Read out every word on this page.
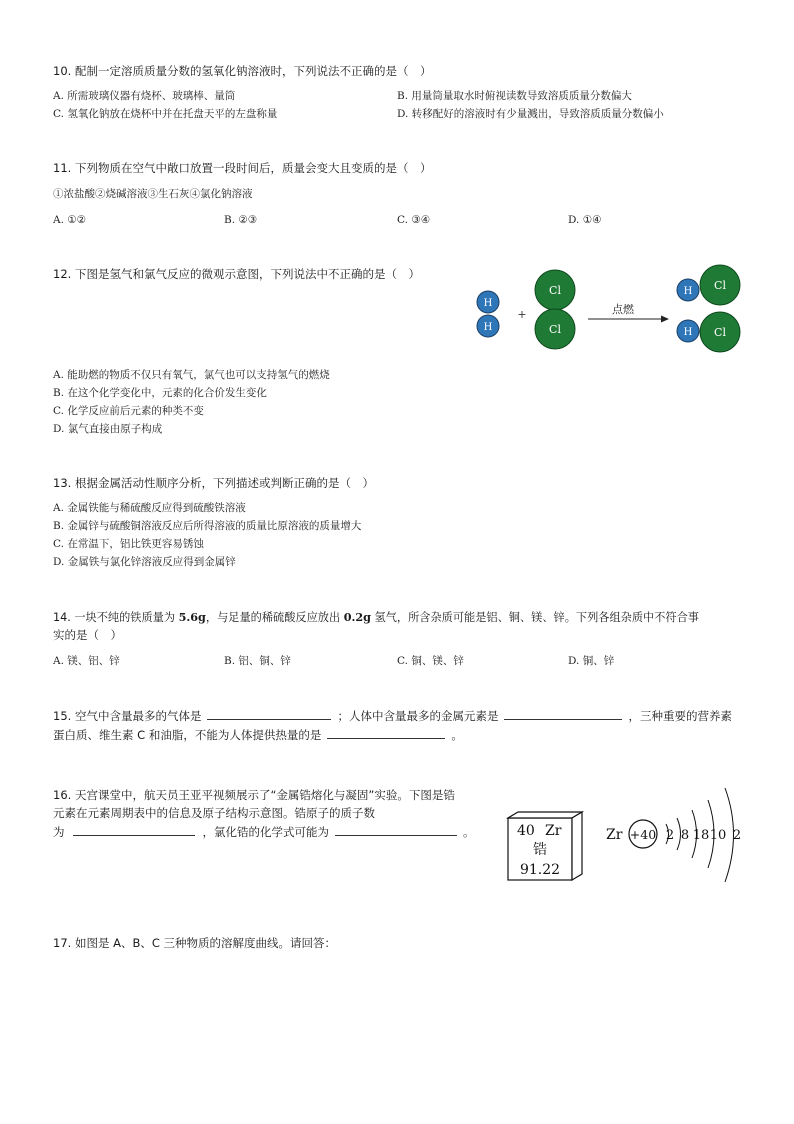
10. 配制一定溶质质量分数的氢氧化钠溶液时，下列说法不正确的是（　）
A. 所需玻璃仪器有烧杯、玻璃棒、量筒	B. 用量筒量取水时俯视读数导致溶质质量分数偏大
C. 氢氧化钠放在烧杯中并在托盘天平的左盘称量	D. 转移配好的溶液时有少量溅出，导致溶质质量分数偏小
11. 下列物质在空气中敞口放置一段时间后，质量会变大且变质的是（　）
①浓盐酸②烧碱溶液③生石灰④氯化钠溶液
A. ①②	B. ②③	C. ③④	D. ①④
12. 下图是氢气和氯气反应的微观示意图，下列说法中不正确的是（　）
H
H
+
Cl
Cl
点燃
H Cl
H Cl
A. 能助燃的物质不仅只有氧气，氯气也可以支持氢气的燃烧
B. 在这个化学变化中，元素的化合价发生变化
C. 化学反应前后元素的种类不变
D. 氯气直接由原子构成
13. 根据金属活动性顺序分析，下列描述或判断正确的是（　）
A. 金属铁能与稀硫酸反应得到硫酸铁溶液
B. 金属锌与硫酸铜溶液反应后所得溶液的质量比原溶液的质量增大
C. 在常温下，铝比铁更容易锈蚀
D. 金属铁与氯化锌溶液反应得到金属锌
14. 一块不纯的铁质量为 5.6g，与足量的稀硫酸反应放出 0.2g 氢气，所含杂质可能是铝、铜、镁、锌。下列各组杂质中不符合事
实的是（　）
A. 镁、铝、锌	B. 铝、铜、锌	C. 铜、镁、锌	D. 铜、锌
15. 空气中含量最多的气体是	；人体中含量最多的金属元素是	，三种重要的营养素
蛋白质、维生素 C 和油脂，不能为人体提供热量的是	。
16. 天宫课堂中，航天员王亚平视频展示了“金属锆熔化与凝固”实验。下图是锆
元素在元素周期表中的信息及原子结构示意图。锆原子的质子数
为	，氯化锆的化学式可能为	。	40 Zr
锆
91.22
Zr +40 2 8 18 10 2
17. 如图是 A、B、C 三种物质的溶解度曲线。请回答：
